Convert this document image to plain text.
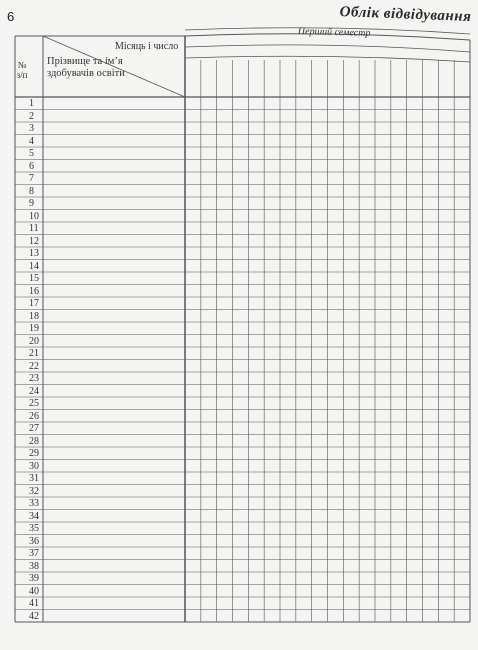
6	Облік відвідування
Перший семестр
Місяць і число
№ з/п
Прізвище та ім’я здобувачів освіти
1
2
3
4
5
6
7
8
9
10
11
12
13
14
15
16
17
18
19
20
21
22
23
24
25
26
27
28
29
30
31
32
33
34
35
36
37
38
39
40
41
42
